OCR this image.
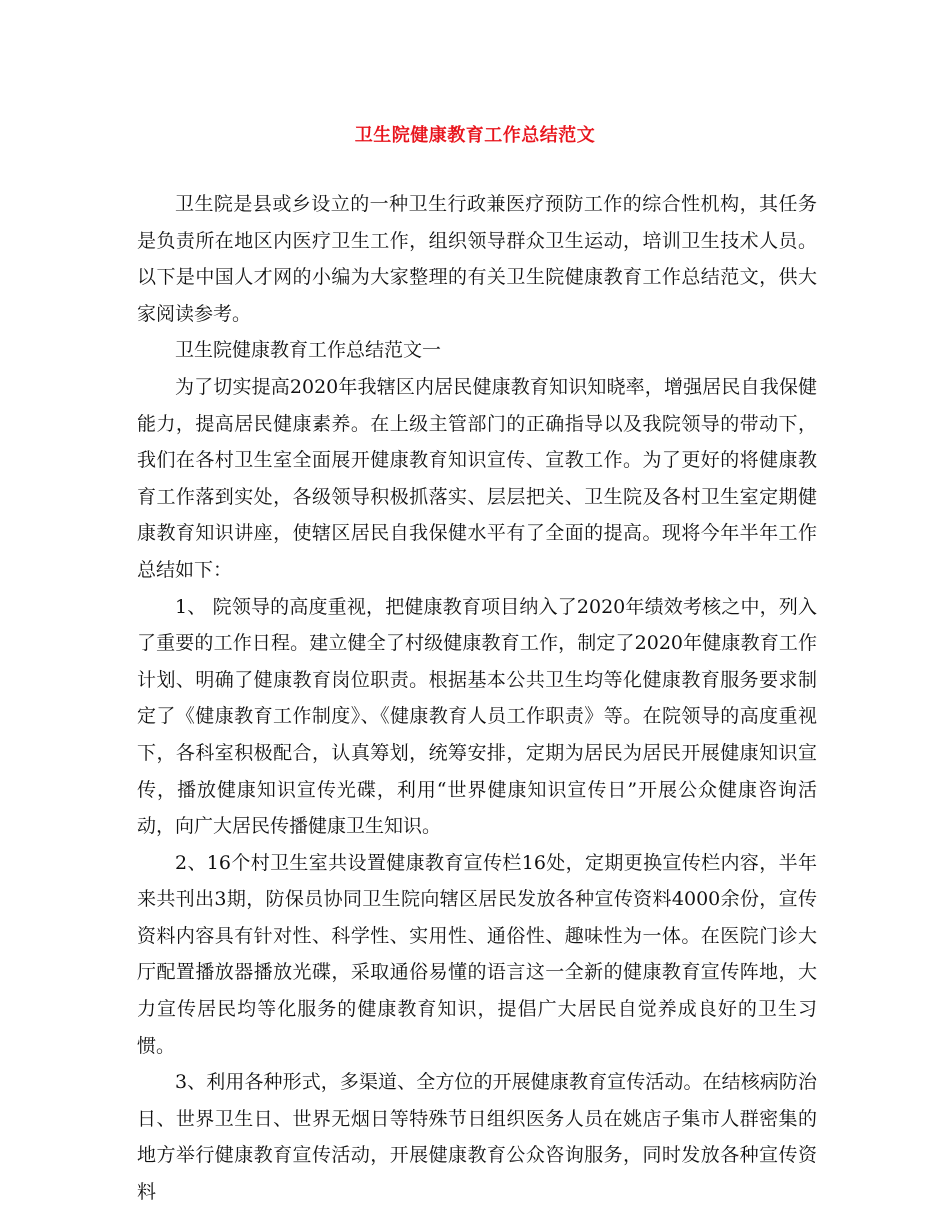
卫生院健康教育工作总结范文

卫生院是县或乡设立的一种卫生行政兼医疗预防工作的综合性机构，其任务是负责所在地区内医疗卫生工作，组织领导群众卫生运动，培训卫生技术人员。以下是中国人才网的小编为大家整理的有关卫生院健康教育工作总结范文，供大家阅读参考。

卫生院健康教育工作总结范文一

为了切实提高2020年我辖区内居民健康教育知识知晓率，增强居民自我保健能力，提高居民健康素养。在上级主管部门的正确指导以及我院领导的带动下，我们在各村卫生室全面展开健康教育知识宣传、宣教工作。为了更好的将健康教育工作落到实处，各级领导积极抓落实、层层把关、卫生院及各村卫生室定期健康教育知识讲座，使辖区居民自我保健水平有了全面的提高。现将今年半年工作总结如下：

1、 院领导的高度重视，把健康教育项目纳入了2020年绩效考核之中，列入了重要的工作日程。建立健全了村级健康教育工作，制定了2020年健康教育工作计划、明确了健康教育岗位职责。根据基本公共卫生均等化健康教育服务要求制定了《健康教育工作制度》、《健康教育人员工作职责》等。在院领导的高度重视下，各科室积极配合，认真筹划，统筹安排，定期为居民为居民开展健康知识宣传，播放健康知识宣传光碟，利用“世界健康知识宣传日”开展公众健康咨询活动，向广大居民传播健康卫生知识。

2、16个村卫生室共设置健康教育宣传栏16处，定期更换宣传栏内容，半年来共刊出3期，防保员协同卫生院向辖区居民发放各种宣传资料4000余份，宣传资料内容具有针对性、科学性、实用性、通俗性、趣味性为一体。在医院门诊大厅配置播放器播放光碟，采取通俗易懂的语言这一全新的健康教育宣传阵地，大力宣传居民均等化服务的健康教育知识，提倡广大居民自觉养成良好的卫生习惯。

3、利用各种形式，多渠道、全方位的开展健康教育宣传活动。在结核病防治日、世界卫生日、世界无烟日等特殊节日组织医务人员在姚店子集市人群密集的地方举行健康教育宣传活动，开展健康教育公众咨询服务，同时发放各种宣传资料
